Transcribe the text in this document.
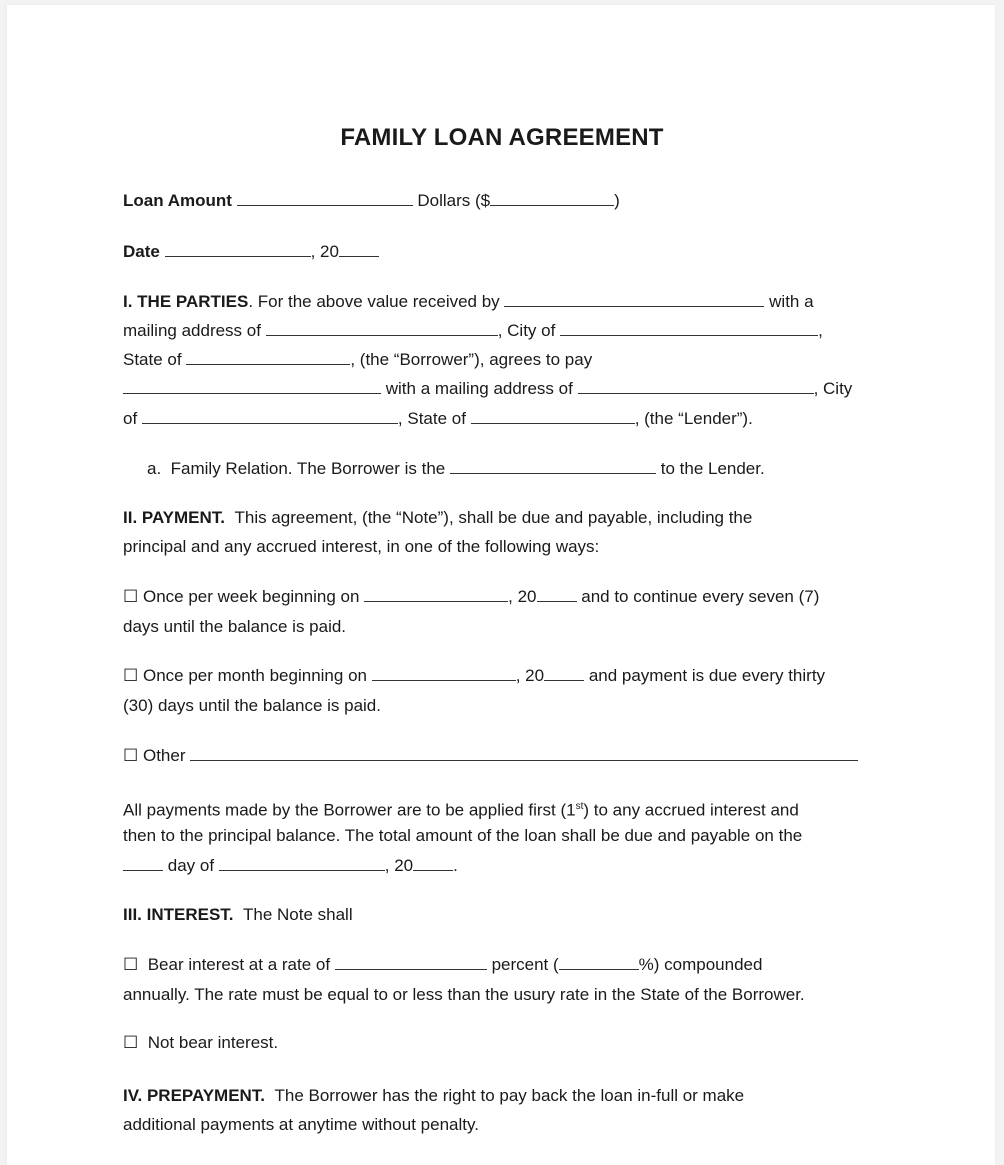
FAMILY LOAN AGREEMENT
Loan Amount	Dollars ($	)
Date	, 20
I. THE PARTIES. For the above value received by	with a
mailing address of	, City of	,
State of	, (the “Borrower”), agrees to pay
with a mailing address of	, City
of	, State of	, (the “Lender”).
a. Family Relation. The Borrower is the	to the Lender.
II. PAYMENT. This agreement, (the “Note”), shall be due and payable, including the
principal and any accrued interest, in one of the following ways:
☐ Once per week beginning on	, 20	and to continue every seven (7)
days until the balance is paid.
☐ Once per month beginning on	, 20	and payment is due every thirty
(30) days until the balance is paid.
☐ Other
All payments made by the Borrower are to be applied first (1st) to any accrued interest and
then to the principal balance. The total amount of the loan shall be due and payable on the
day of	, 20 .
III. INTEREST. The Note shall
☐ Bear interest at a rate of	percent (	%) compounded
annually. The rate must be equal to or less than the usury rate in the State of the Borrower.
☐ Not bear interest.
IV. PREPAYMENT. The Borrower has the right to pay back the loan in-full or make
additional payments at anytime without penalty.
